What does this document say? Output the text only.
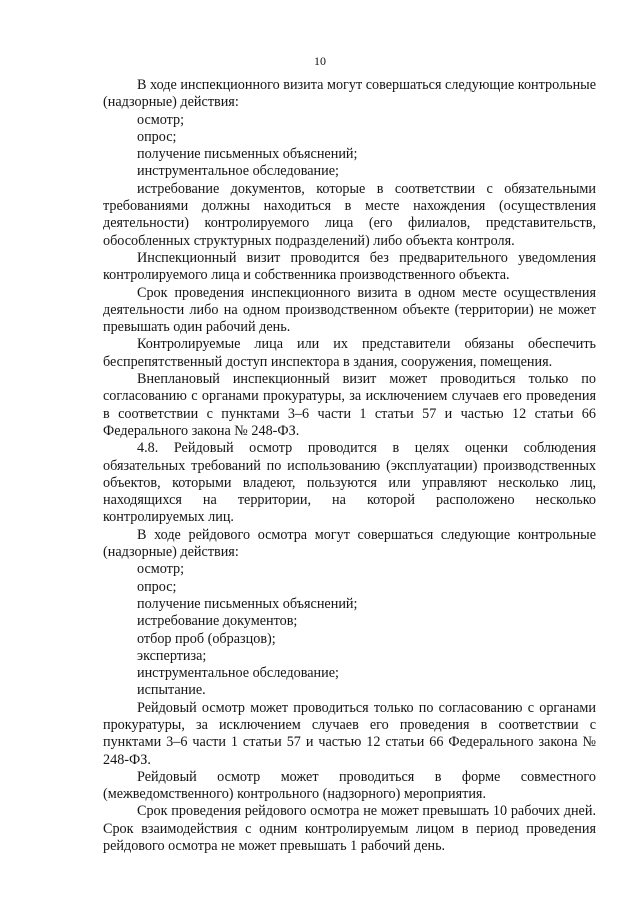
10
В ходе инспекционного визита могут совершаться следующие контрольные (надзорные) действия:
осмотр;
опрос;
получение письменных объяснений;
инструментальное обследование;
истребование документов, которые в соответствии с обязательными требованиями должны находиться в месте нахождения (осуществления деятельности) контролируемого лица (его филиалов, представительств, обособленных структурных подразделений) либо объекта контроля.
Инспекционный визит проводится без предварительного уведомления контролируемого лица и собственника производственного объекта.
Срок проведения инспекционного визита в одном месте осуществления деятельности либо на одном производственном объекте (территории) не может превышать один рабочий день.
Контролируемые лица или их представители обязаны обеспечить беспрепятственный доступ инспектора в здания, сооружения, помещения.
Внеплановый инспекционный визит может проводиться только по согласованию с органами прокуратуры, за исключением случаев его проведения в соответствии с пунктами 3–6 части 1 статьи 57 и частью 12 статьи 66 Федерального закона № 248-ФЗ.
4.8. Рейдовый осмотр проводится в целях оценки соблюдения обязательных требований по использованию (эксплуатации) производственных объектов, которыми владеют, пользуются или управляют несколько лиц, находящихся на территории, на которой расположено несколько контролируемых лиц.
В ходе рейдового осмотра могут совершаться следующие контрольные (надзорные) действия:
осмотр;
опрос;
получение письменных объяснений;
истребование документов;
отбор проб (образцов);
экспертиза;
инструментальное обследование;
испытание.
Рейдовый осмотр может проводиться только по согласованию с органами прокуратуры, за исключением случаев его проведения в соответствии с пунктами 3–6 части 1 статьи 57 и частью 12 статьи 66 Федерального закона № 248-ФЗ.
Рейдовый осмотр может проводиться в форме совместного (межведомственного) контрольного (надзорного) мероприятия.
Срок проведения рейдового осмотра не может превышать 10 рабочих дней. Срок взаимодействия с одним контролируемым лицом в период проведения рейдового осмотра не может превышать 1 рабочий день.
